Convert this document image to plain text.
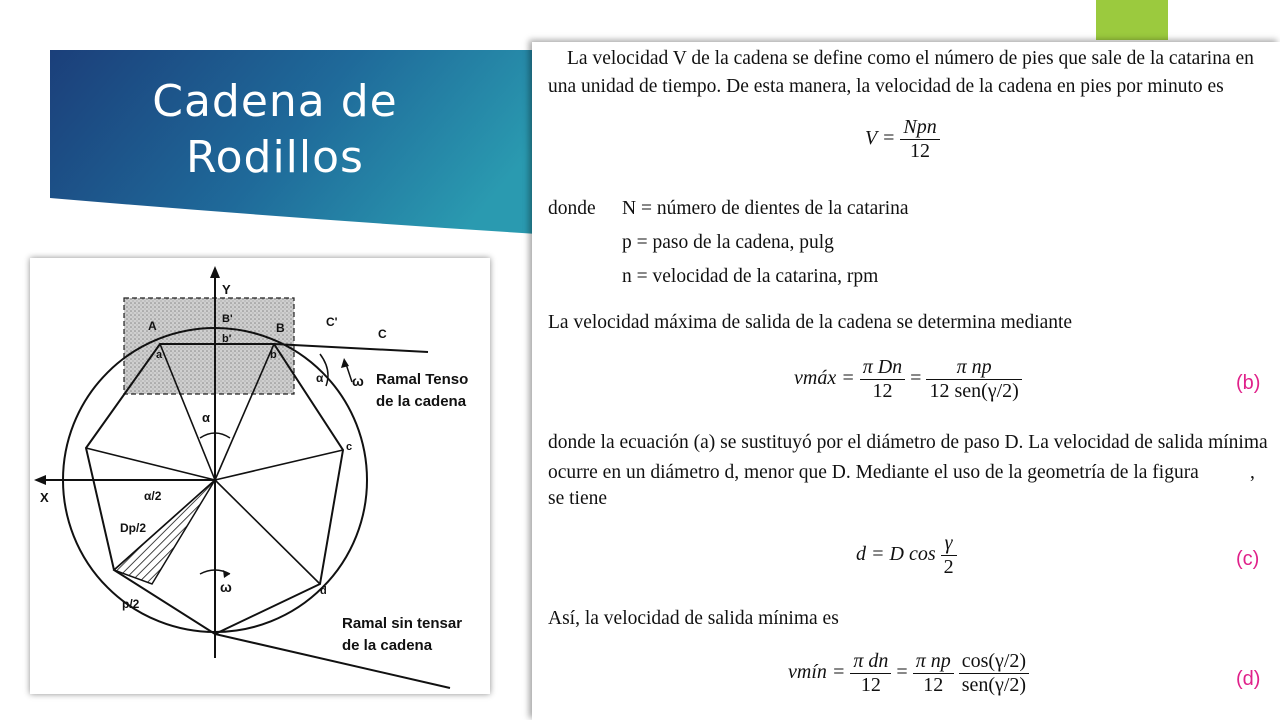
Cadena de
Rodillos
Y
X
A
a
B
b
B'
b'
C'
C
c
d
α
α
α/2
Dp/2
p/2
ω
ω Ramal Tenso
de la cadena
Ramal sin tensar
de la cadena
La velocidad V de la cadena se define como el número de pies que sale de la catarina en
una unidad de tiempo. De esta manera, la velocidad de la cadena en pies por minuto es
$V = \frac{\text{Npn}}{12}$
donde N = número de dientes de la catarina
p = paso de la cadena, pulg
n = velocidad de la catarina, rpm
La velocidad máxima de salida de la cadena se determina mediante
vmáx = $\frac{\text{π Dn}}{12} = \frac{\text{π np}}{\text{12 sen(γ/2)}}$	(b)
donde la ecuación (a) se sustituyó por el diámetro de paso D. La velocidad de salida mínima
ocurre en un diámetro d, menor que D. Mediante el uso de la geometría de la figura	,
se tiene
d = D $\cos \frac{\gamma}{2}$	(c)
Así, la velocidad de salida mínima es
vmín = $\frac{\text{π dn}}{12} = \frac{\text{π np}}{12}$
$\frac{\cos(\gamma/2)}{\text{sen(γ/2)}}$	(d)
